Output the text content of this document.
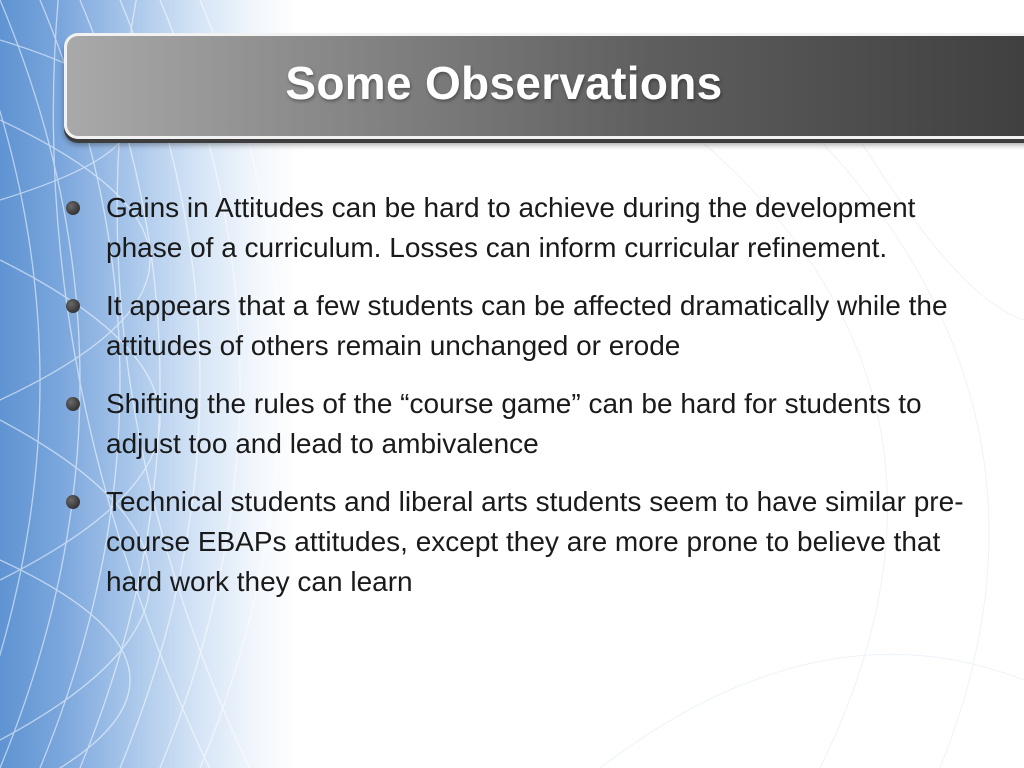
Some Observations
Gains in Attitudes can be hard to achieve during the development phase of a curriculum. Losses can inform curricular refinement.
It appears that a few students can be affected dramatically while the attitudes of others remain unchanged or erode
Shifting the rules of the “course game” can be hard for students to adjust too and lead to ambivalence
Technical students and liberal arts students seem to have similar pre-course EBAPs attitudes, except they are more prone to believe that hard work they can learn
